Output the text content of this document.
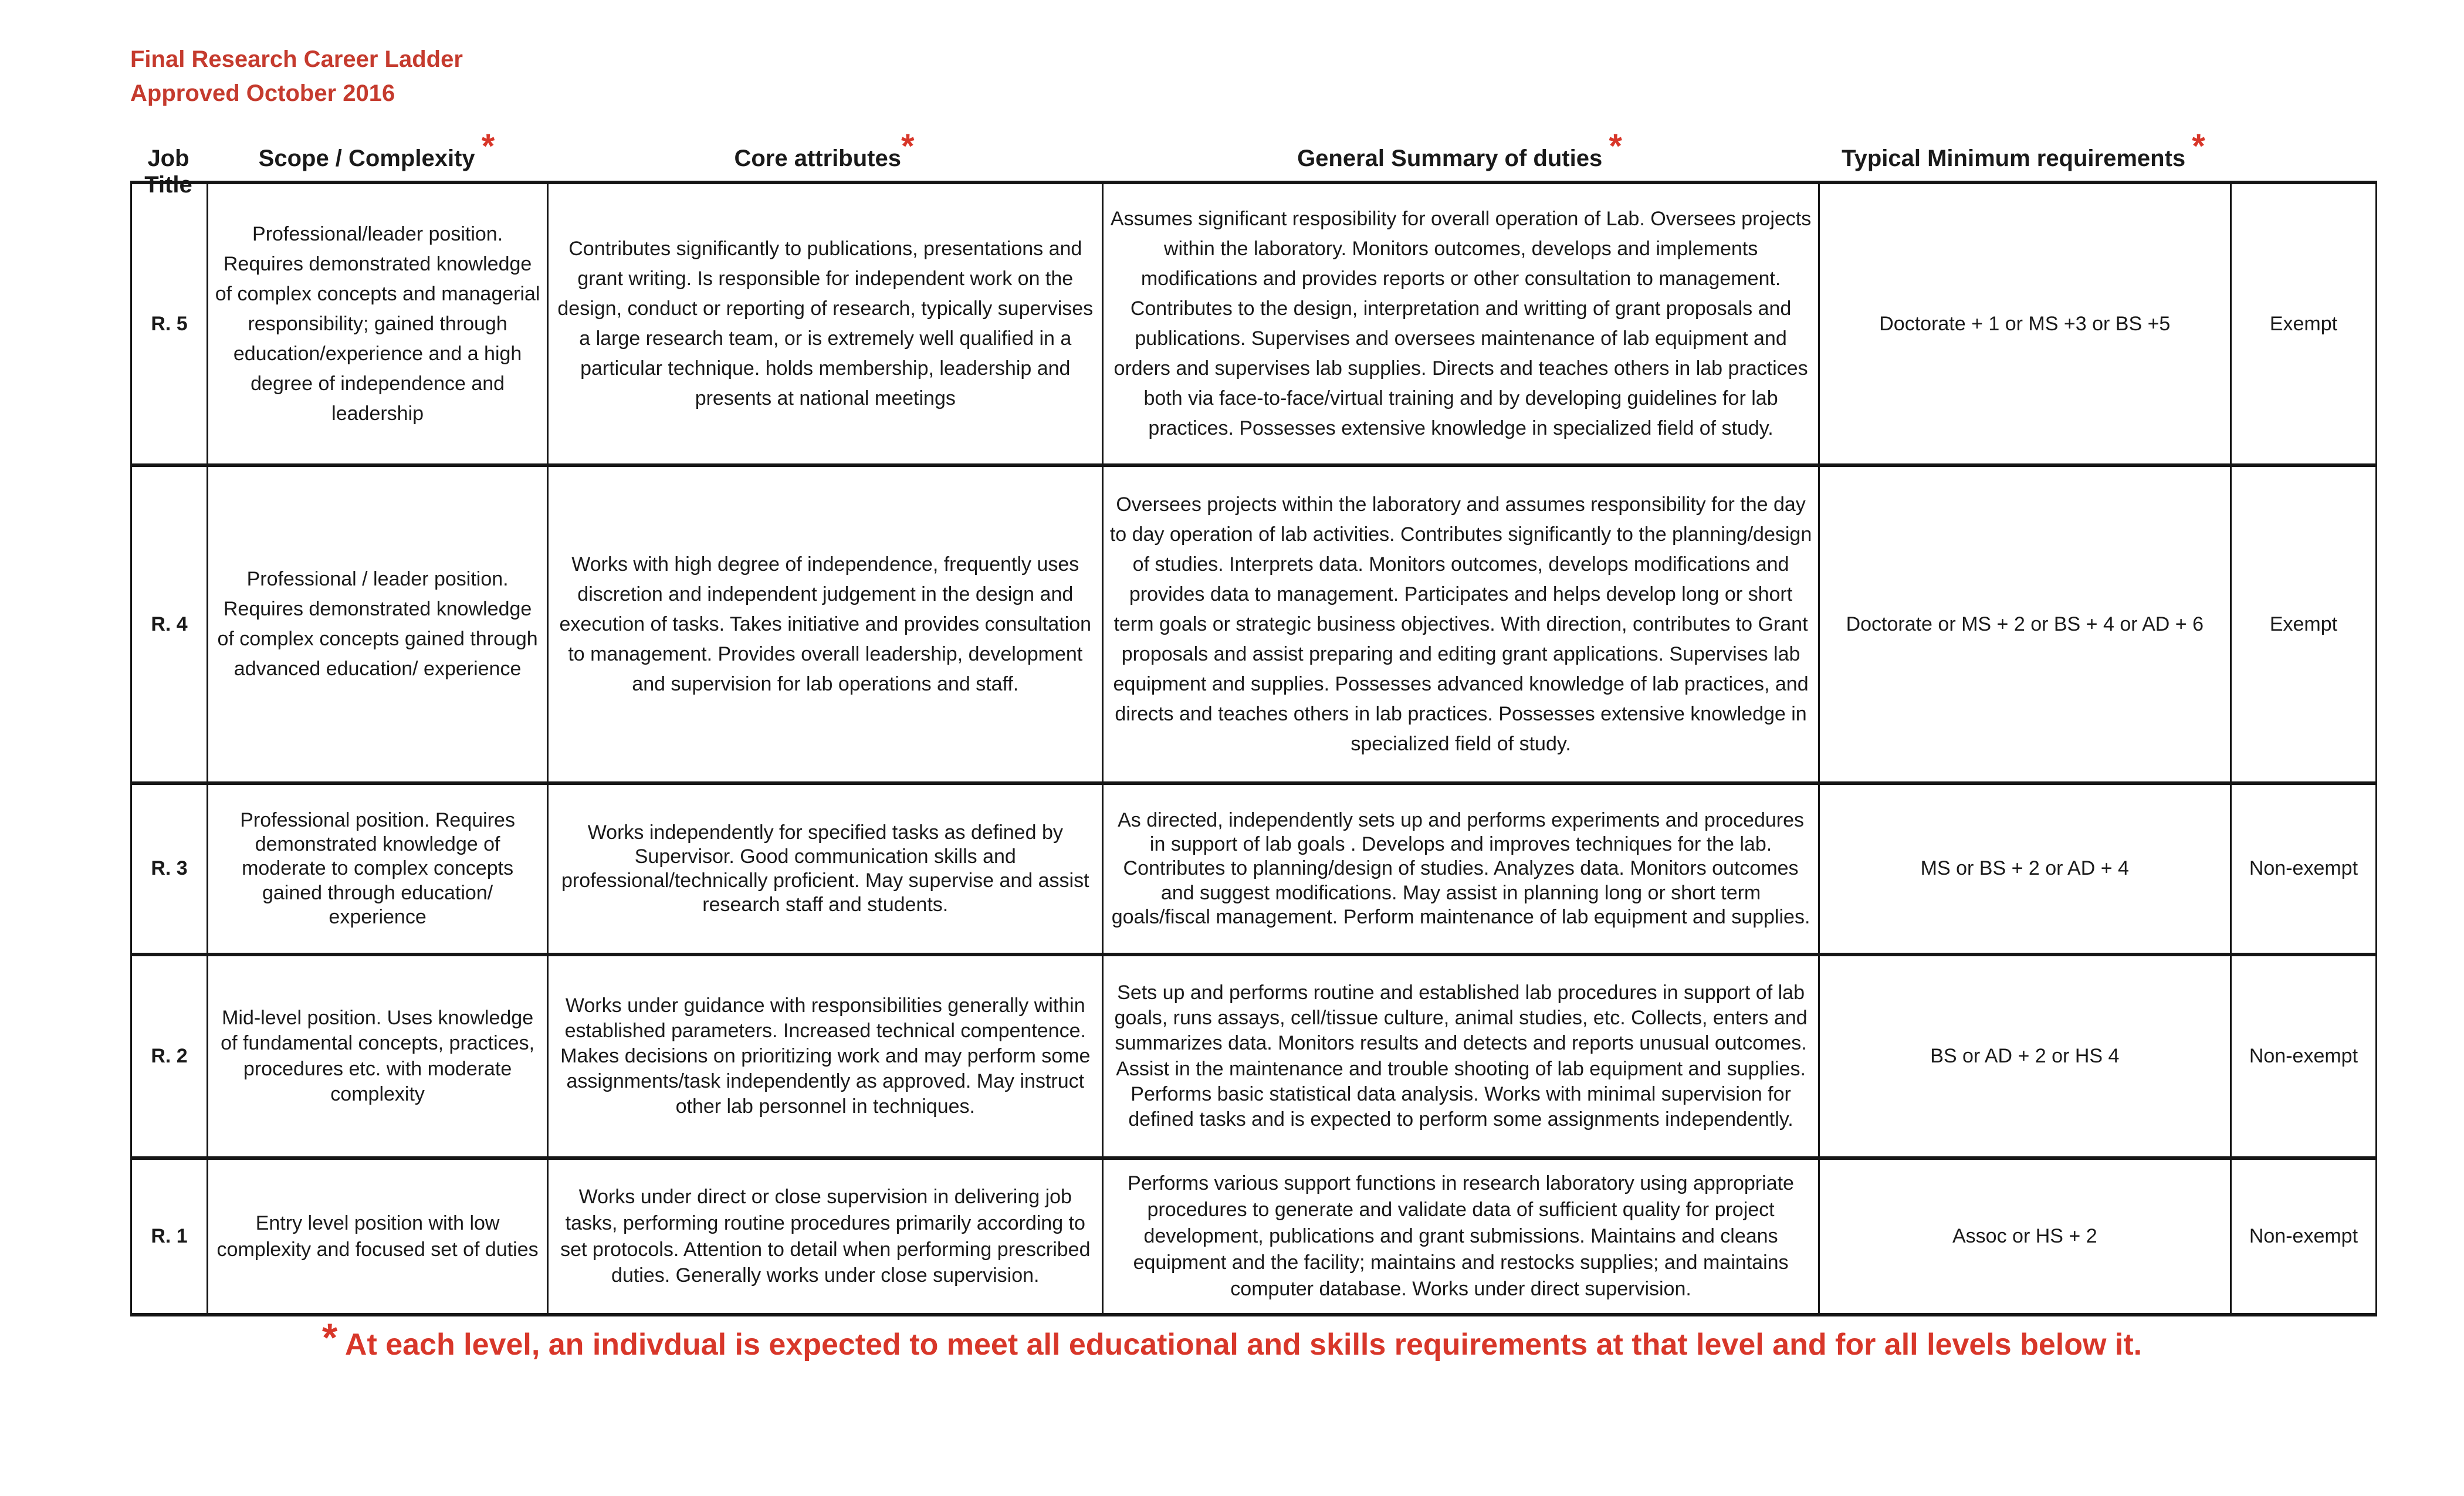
Final Research Career Ladder
Approved October 2016
Job Title
Scope / Complexity *	Core attributes*	General Summary of duties *	Typical Minimum requirements *
R. 5	Professional/leader position. Requires demonstrated knowledge of complex concepts and managerial responsibility; gained through education/experience and a high degree of independence and leadership	Contributes significantly to publications, presentations and grant writing. Is responsible for independent work on the design, conduct or reporting of research, typically supervises a large research team, or is extremely well qualified in a particular technique. holds membership, leadership and presents at national meetings	Assumes significant resposibility for overall operation of Lab. Oversees projects within the laboratory. Monitors outcomes, develops and implements modifications and provides reports or other consultation to management. Contributes to the design, interpretation and writting of grant proposals and publications. Supervises and oversees maintenance of lab equipment and orders and supervises lab supplies. Directs and teaches others in lab practices both via face-to-face/virtual training and by developing guidelines for lab practices. Possesses extensive knowledge in specialized field of study.	Doctorate + 1 or MS +3 or BS +5	Exempt
R. 4	Professional / leader position. Requires demonstrated knowledge of complex concepts gained through advanced education/ experience	Works with high degree of independence, frequently uses discretion and independent judgement in the design and execution of tasks. Takes initiative and provides consultation to management. Provides overall leadership, development and supervision for lab operations and staff.	Oversees projects within the laboratory and assumes responsibility for the day to day operation of lab activities. Contributes significantly to the planning/design of studies. Interprets data. Monitors outcomes, develops modifications and provides data to management. Participates and helps develop long or short term goals or strategic business objectives. With direction, contributes to Grant proposals and assist preparing and editing grant applications. Supervises lab equipment and supplies. Possesses advanced knowledge of lab practices, and directs and teaches others in lab practices. Possesses extensive knowledge in specialized field of study.	Doctorate or MS + 2 or BS + 4 or AD + 6	Exempt
R. 3	Professional position. Requires demonstrated knowledge of moderate to complex concepts gained through education/ experience	Works independently for specified tasks as defined by Supervisor. Good communication skills and professional/technically proficient. May supervise and assist research staff and students.	As directed, independently sets up and performs experiments and procedures in support of lab goals . Develops and improves techniques for the lab. Contributes to planning/design of studies. Analyzes data. Monitors outcomes and suggest modifications. May assist in planning long or short term goals/fiscal management. Perform maintenance of lab equipment and supplies.	MS or BS + 2 or AD + 4	Non-exempt
R. 2	Mid-level position. Uses knowledge of fundamental concepts, practices, procedures etc. with moderate complexity	Works under guidance with responsibilities generally within established parameters. Increased technical compentence. Makes decisions on prioritizing work and may perform some assignments/task independently as approved. May instruct other lab personnel in techniques.	Sets up and performs routine and established lab procedures in support of lab goals, runs assays, cell/tissue culture, animal studies, etc. Collects, enters and summarizes data. Monitors results and detects and reports unusual outcomes. Assist in the maintenance and trouble shooting of lab equipment and supplies. Performs basic statistical data analysis. Works with minimal supervision for defined tasks and is expected to perform some assignments independently.	BS or AD + 2 or HS 4	Non-exempt
R. 1	Entry level position with low complexity and focused set of duties	Works under direct or close supervision in delivering job tasks, performing routine procedures primarily according to set protocols. Attention to detail when performing prescribed duties. Generally works under close supervision.	Performs various support functions in research laboratory using appropriate procedures to generate and validate data of sufficient quality for project development, publications and grant submissions. Maintains and cleans equipment and the facility; maintains and restocks supplies; and maintains computer database. Works under direct supervision.	Assoc or HS + 2	Non-exempt
* At each level, an indivdual is expected to meet all educational and skills requirements at that level and for all levels below it.
